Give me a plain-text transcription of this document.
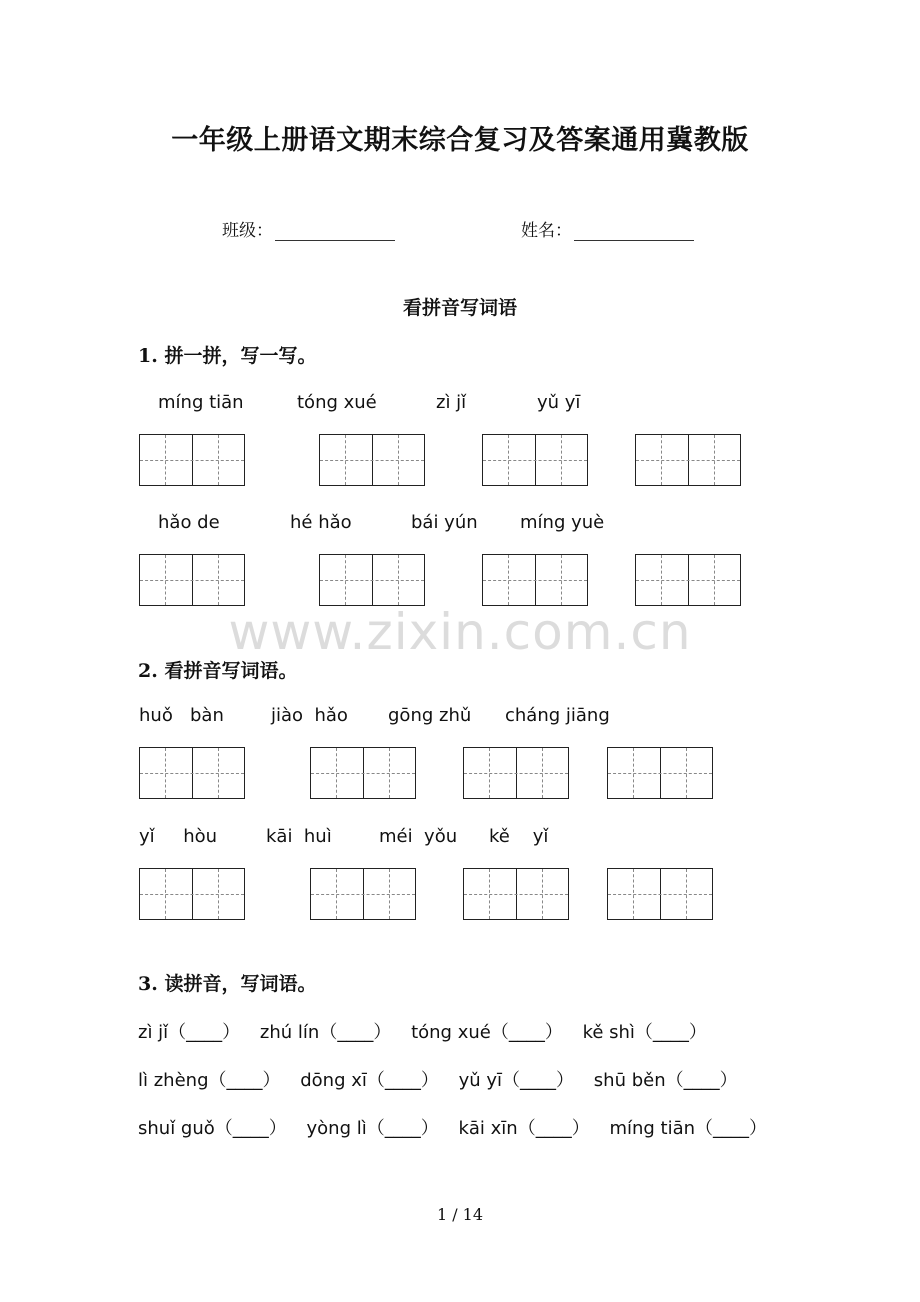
一年级上册语文期末综合复习及答案通用冀教版
班级：	姓名：
看拼音写词语
1. 拼一拼，写一写。
míng tiān	tóng xué	zì jǐ	yǔ yī
hǎo de	hé hǎo	bái yún míng yuè
www.zixin.com.cn
2. 看拼音写词语。
huǒ   bàn	jiào  hǎo gōng zhǔ cháng jiāng
yǐ     hòu	kāi  huì	méi  yǒu kě    yǐ
3. 读拼音，写词语。
zì jǐ（____） zhú lín（____） tóng xué（____） kě shì（____）
lì zhèng（____） dōng xī（____） yǔ yī（____） shū běn（____）
shuǐ guǒ（____） yòng lì（____） kāi xīn（____） míng tiān（____）
1 / 14
